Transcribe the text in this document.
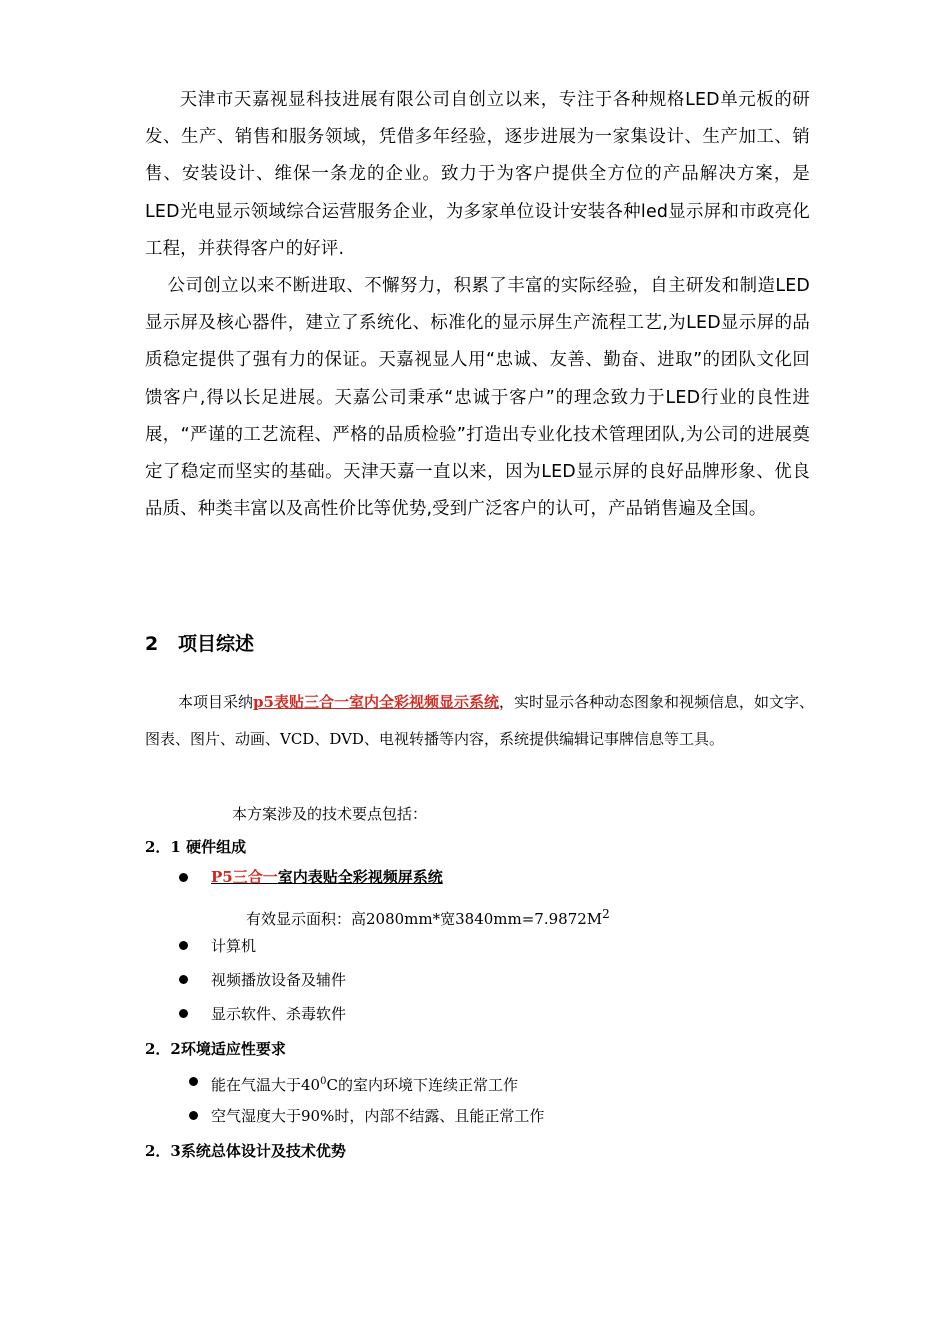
天津市天嘉视显科技进展有限公司自创立以来，专注于各种规格LED单元板的研发、生产、销售和服务领域，凭借多年经验，逐步进展为一家集设计、生产加工、销售、安装设计、维保一条龙的企业。致力于为客户提供全方位的产品解决方案，是LED光电显示领域综合运营服务企业，为多家单位设计安装各种led显示屏和市政亮化工程，并获得客户的好评.

公司创立以来不断进取、不懈努力，积累了丰富的实际经验，自主研发和制造LED显示屏及核心器件，建立了系统化、标准化的显示屏生产流程工艺,为LED显示屏的品质稳定提供了强有力的保证。天嘉视显人用“忠诚、友善、勤奋、进取”的团队文化回馈客户,得以长足进展。天嘉公司秉承“忠诚于客户”的理念致力于LED行业的良性进展，“严谨的工艺流程、严格的品质检验”打造出专业化技术管理团队,为公司的进展奠定了稳定而坚实的基础。天津天嘉一直以来，因为LED显示屏的良好品牌形象、优良品质、种类丰富以及高性价比等优势,受到广泛客户的认可，产品销售遍及全国。

2 项目综述

本项目采纳p5表贴三合一室内全彩视频显示系统，实时显示各种动态图象和视频信息，如文字、图表、图片、动画、VCD、DVD、电视转播等内容，系统提供编辑记事牌信息等工具。

本方案涉及的技术要点包括：

2．1 硬件组成

P5三合一室内表贴全彩视频屏系统

有效显示面积：高2080mm*宽$3840mm=7.9872M^2$

计算机

视频播放设备及辅件

显示软件、杀毒软件

2．2环境适应性要求

能在气温大于$40^0C$的室内环境下连续正常工作

空气湿度大于90%时，内部不结露、且能正常工作

2．3系统总体设计及技术优势
